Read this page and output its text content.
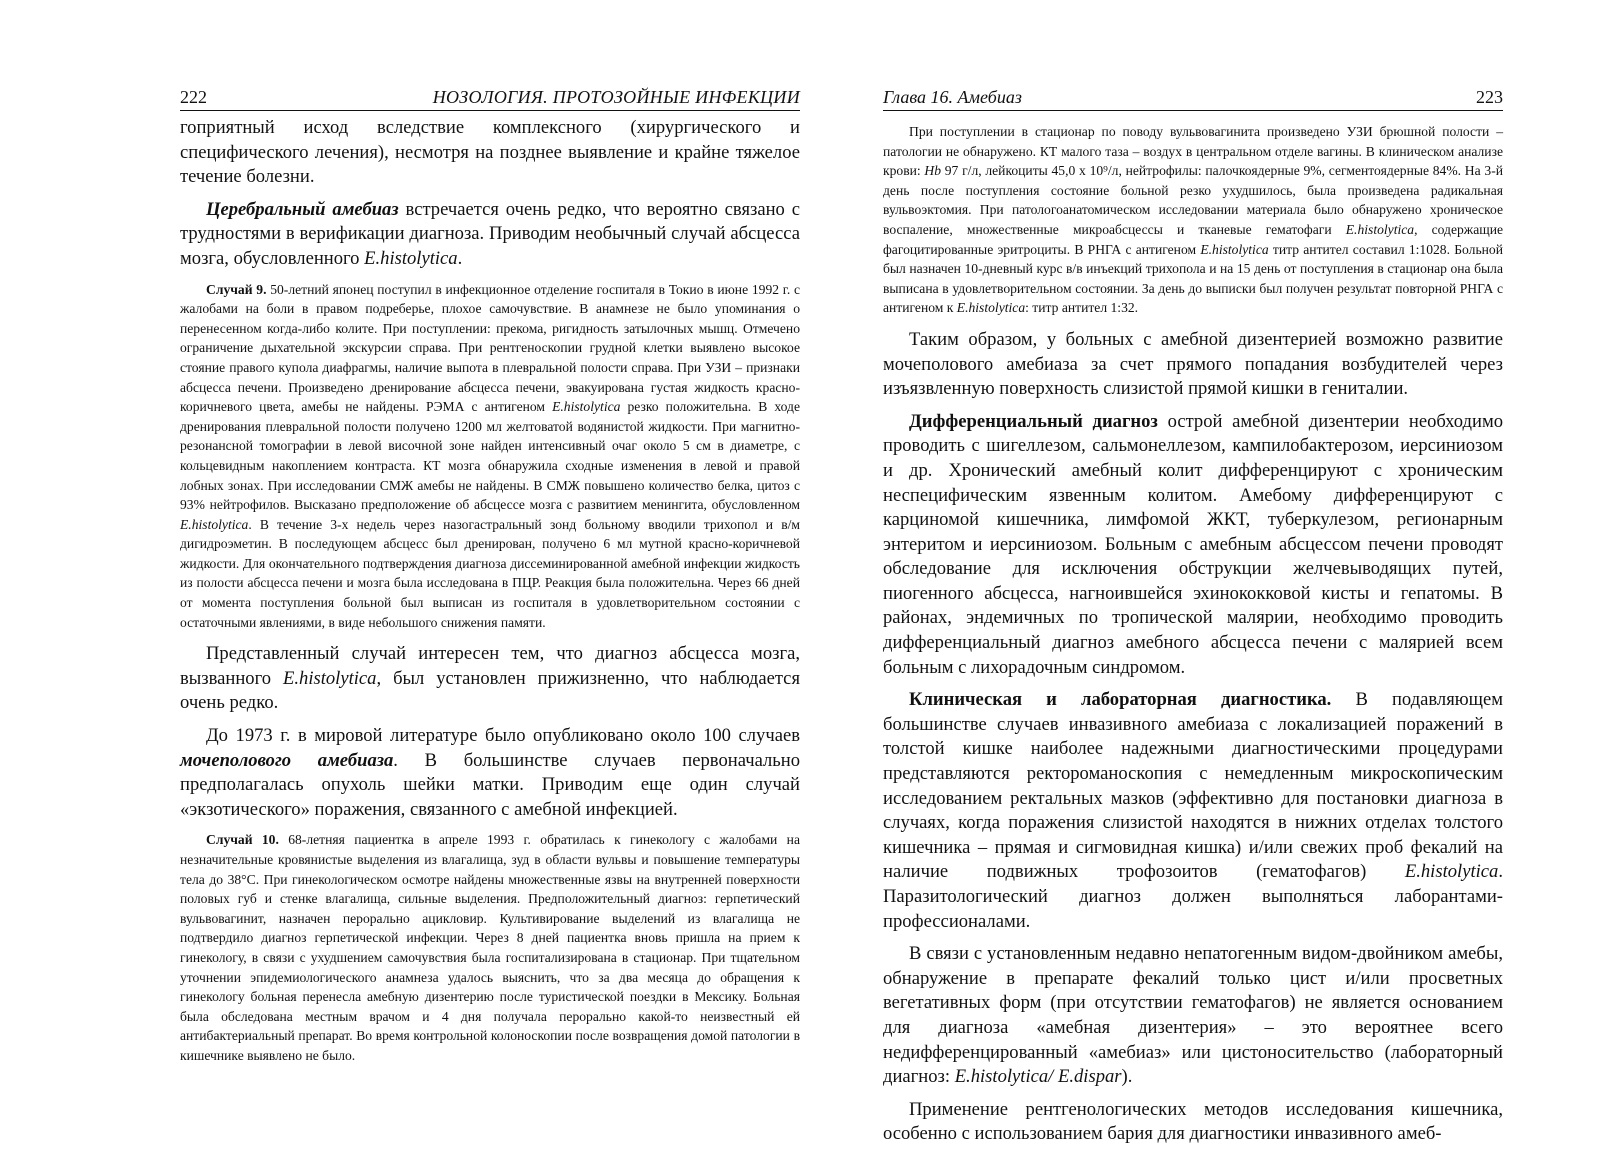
222	НОЗОЛОГИЯ. ПРОТОЗОЙНЫЕ ИНФЕКЦИИ

гоприятный исход вследствие комплексного (хирургического и специфического лечения), несмотря на позднее выявление и крайне тяжелое течение болезни.

Церебральный амебиаз встречается очень редко, что вероятно связано с трудностями в верификации диагноза. Приводим необычный случай абсцесса мозга, обусловленного E.histolytica.

Случай 9. 50-летний японец поступил в инфекционное отделение госпиталя в Токио в июне 1992 г. с жалобами на боли в правом подреберье, плохое самочувствие. В анамнезе не было упоминания о перенесенном когда-либо колите. При поступлении: прекома, ригидность затылочных мышц. Отмечено ограничение дыхательной экскурсии справа. При рентгеноскопии грудной клетки выявлено высокое стояние правого купола диафрагмы, наличие выпота в плевральной полости справа. При УЗИ – признаки абсцесса печени. Произведено дренирование абсцесса печени, эвакуирована густая жидкость красно-коричневого цвета, амебы не найдены. РЭМА с антигеном E.histolytica резко положительна. В ходе дренирования плевральной полости получено 1200 мл желтоватой водянистой жидкости. При магнитно-резонансной томографии в левой височной зоне найден интенсивный очаг около 5 см в диаметре, с кольцевидным накоплением контраста. КТ мозга обнаружила сходные изменения в левой и правой лобных зонах. При исследовании СМЖ амебы не найдены. В СМЖ повышено количество белка, цитоз с 93% нейтрофилов. Высказано предположение об абсцессе мозга с развитием менингита, обусловленном E.histolytica. В течение 3-х недель через назогастральный зонд больному вводили трихопол и в/м дигидроэметин. В последующем абсцесс был дренирован, получено 6 мл мутной красно-коричневой жидкости. Для окончательного подтверждения диагноза диссеминированной амебной инфекции жидкость из полости абсцесса печени и мозга была исследована в ПЦР. Реакция была положительна. Через 66 дней от момента поступления больной был выписан из госпиталя в удовлетворительном состоянии с остаточными явлениями, в виде небольшого снижения памяти.

Представленный случай интересен тем, что диагноз абсцесса мозга, вызванного E.histolytica, был установлен прижизненно, что наблюдается очень редко.

До 1973 г. в мировой литературе было опубликовано около 100 случаев мочеполового амебиаза. В большинстве случаев первоначально предполагалась опухоль шейки матки. Приводим еще один случай «экзотического» поражения, связанного с амебной инфекцией.

Случай 10. 68-летняя пациентка в апреле 1993 г. обратилась к гинекологу с жалобами на незначительные кровянистые выделения из влагалища, зуд в области вульвы и повышение температуры тела до 38°С. При гинекологическом осмотре найдены множественные язвы на внутренней поверхности половых губ и стенке влагалища, сильные выделения. Предположительный диагноз: герпетический вульвовагинит, назначен перорально ацикловир. Культивирование выделений из влагалища не подтвердило диагноз герпетической инфекции. Через 8 дней пациентка вновь пришла на прием к гинекологу, в связи с ухудшением самочувствия была госпитализирована в стационар. При тщательном уточнении эпидемиологического анамнеза удалось выяснить, что за два месяца до обращения к гинекологу больная перенесла амебную дизентерию после туристической поездки в Мексику. Больная была обследована местным врачом и 4 дня получала перорально какой-то неизвестный ей антибактериальный препарат. Во время контрольной колоноскопии после возвращения домой патологии в кишечнике выявлено не было.

Глава 16. Амебиаз	223

При поступлении в стационар по поводу вульвовагинита произведено УЗИ брюшной полости – патологии не обнаружено. КТ малого таза – воздух в центральном отделе вагины. В клиническом анализе крови: Hb 97 г/л, лейкоциты 45,0 x 10⁹/л, нейтрофилы: палочкоядерные 9%, сегментоядерные 84%. На 3-й день после поступления состояние больной резко ухудшилось, была произведена радикальная вульвоэктомия. При патологоанатомическом исследовании материала было обнаружено хроническое воспаление, множественные микроабсцессы и тканевые гематофаги E.histolytica, содержащие фагоцитированные эритроциты. В РНГА с антигеном E.histolytica титр антител составил 1:1028. Больной был назначен 10-дневный курс в/в инъекций трихопола и на 15 день от поступления в стационар она была выписана в удовлетворительном состоянии. За день до выписки был получен результат повторной РНГА с антигеном к E.histolytica: титр антител 1:32.

Таким образом, у больных с амебной дизентерией возможно развитие мочеполового амебиаза за счет прямого попадания возбудителей через изъязвленную поверхность слизистой прямой кишки в гениталии.

Дифференциальный диагноз острой амебной дизентерии необходимо проводить с шигеллезом, сальмонеллезом, кампилобактерозом, иерсиниозом и др. Хронический амебный колит дифференцируют с хроническим неспецифическим язвенным колитом. Амебому дифференцируют с карциномой кишечника, лимфомой ЖКТ, туберкулезом, регионарным энтеритом и иерсиниозом. Больным с амебным абсцессом печени проводят обследование для исключения обструкции желчевыводящих путей, пиогенного абсцесса, нагноившейся эхинококковой кисты и гепатомы. В районах, эндемичных по тропической малярии, необходимо проводить дифференциальный диагноз амебного абсцесса печени с малярией всем больным с лихорадочным синдромом.

Клиническая и лабораторная диагностика. В подавляющем большинстве случаев инвазивного амебиаза с локализацией поражений в толстой кишке наиболее надежными диагностическими процедурами представляются ректороманоскопия с немедленным микроскопическим исследованием ректальных мазков (эффективно для постановки диагноза в случаях, когда поражения слизистой находятся в нижних отделах толстого кишечника – прямая и сигмовидная кишка) и/или свежих проб фекалий на наличие подвижных трофозоитов (гематофагов) E.histolytica. Паразитологический диагноз должен выполняться лаборантами-профессионалами.

В связи с установленным недавно непатогенным видом-двойником амебы, обнаружение в препарате фекалий только цист и/или просветных вегетативных форм (при отсутствии гематофагов) не является основанием для диагноза «амебная дизентерия» – это вероятнее всего недифференцированный «амебиаз» или цистоносительство (лабораторный диагноз: E.histolytica/ E.dispar).

Применение рентгенологических методов исследования кишечника, особенно с использованием бария для диагностики инвазивного амеб-
